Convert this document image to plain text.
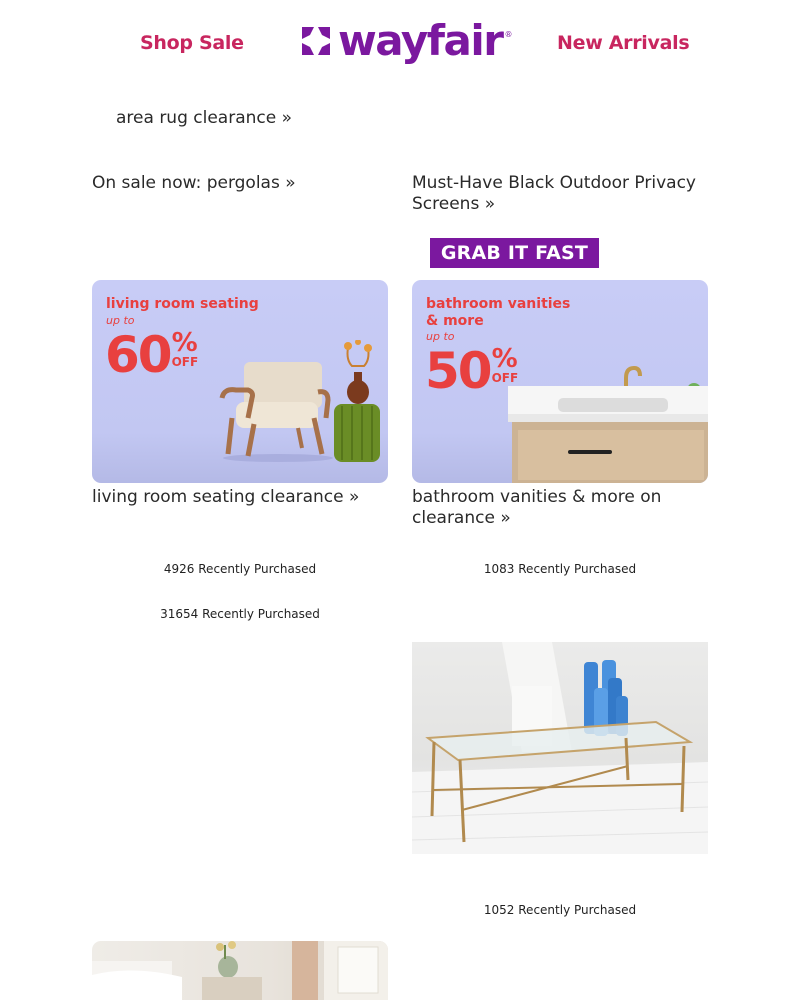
Shop Sale wayfair ® New Arrivals
area rug clearance »
On sale now: pergolas »	Must-Have Black Outdoor Privacy
Screens »
GRAB IT FAST
living room seating
up to
60 %
OFF
bathroom vanities
& more
up to
50 %
OFF
living room seating clearance »	bathroom vanities & more on
clearance »
4926 Recently Purchased	1083 Recently Purchased
31654 Recently Purchased
1052 Recently Purchased
